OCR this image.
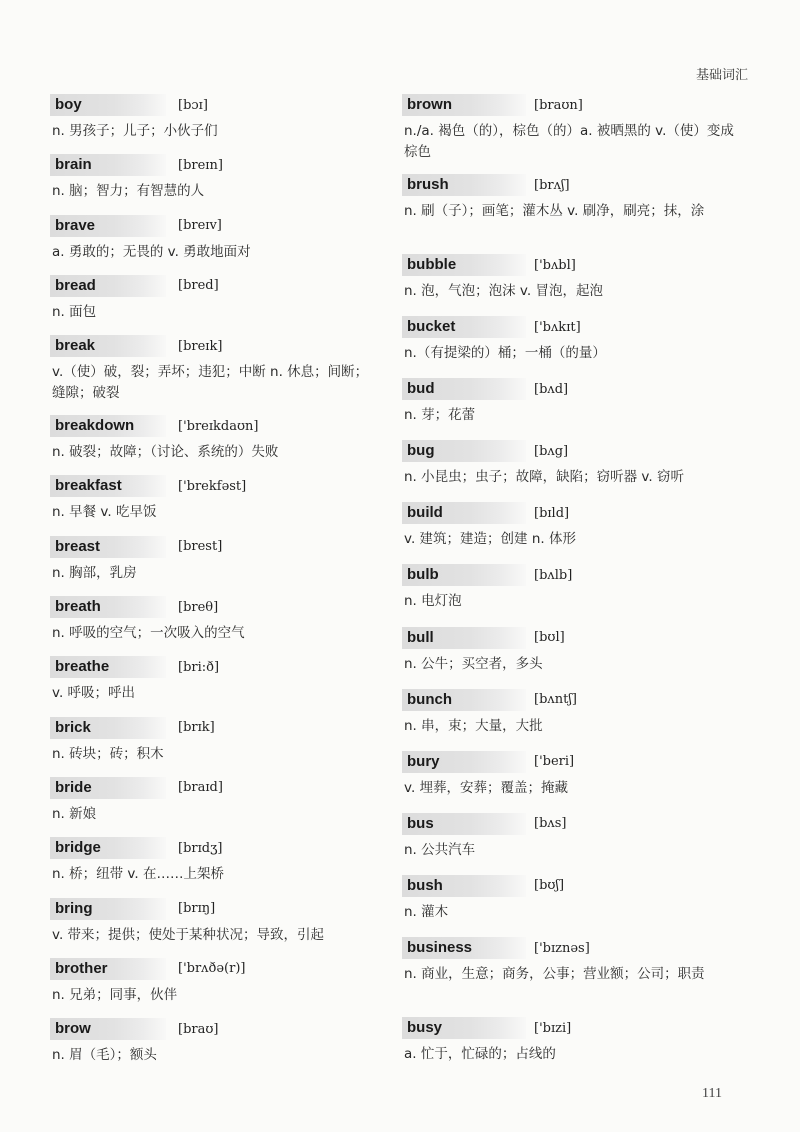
基础词汇
boy	[bɔɪ]
n. 男孩子；儿子；小伙子们
brain	[breɪn]
n. 脑；智力；有智慧的人
brave	[breɪv]
a. 勇敢的；无畏的 v. 勇敢地面对
bread	[bred]
n. 面包
break	[breɪk]
v.（使）破，裂；弄坏；违犯；中断 n. 休息；间断；缝隙；破裂
breakdown	['breɪkdaʊn]
n. 破裂；故障；（讨论、系统的）失败
breakfast	['brekfəst]
n. 早餐 v. 吃早饭
breast	[brest]
n. 胸部，乳房
breath	[breθ]
n. 呼吸的空气；一次吸入的空气
breathe	[bri:ð]
v. 呼吸；呼出
brick	[brɪk]
n. 砖块；砖；积木
bride	[braɪd]
n. 新娘
bridge	[brɪdʒ]
n. 桥；纽带 v. 在……上架桥
bring	[brɪŋ]
v. 带来；提供；使处于某种状况；导致，引起
brother	['brʌðə(r)]
n. 兄弟；同事，伙伴
brow	[braʊ]
n. 眉（毛）；额头
brown	[braʊn]
n./a. 褐色（的），棕色（的）a. 被晒黑的 v.（使）变成棕色
brush	[brʌʃ]
n. 刷（子）；画笔；灌木丛 v. 刷净，刷亮；抹，涂
bubble	['bʌbl]
n. 泡，气泡；泡沫 v. 冒泡，起泡
bucket	['bʌkɪt]
n.（有提梁的）桶；一桶（的量）
bud	[bʌd]
n. 芽；花蕾
bug	[bʌg]
n. 小昆虫；虫子；故障，缺陷；窃听器 v. 窃听
build	[bɪld]
v. 建筑；建造；创建 n. 体形
bulb	[bʌlb]
n. 电灯泡
bull	[bʊl]
n. 公牛；买空者，多头
bunch	[bʌntʃ]
n. 串，束；大量，大批
bury	['beri]
v. 埋葬，安葬；覆盖；掩藏
bus	[bʌs]
n. 公共汽车
bush	[bʊʃ]
n. 灌木
business	['bɪznəs]
n. 商业，生意；商务，公事；营业额；公司；职责
busy	['bɪzi]
a. 忙于，忙碌的；占线的
111
